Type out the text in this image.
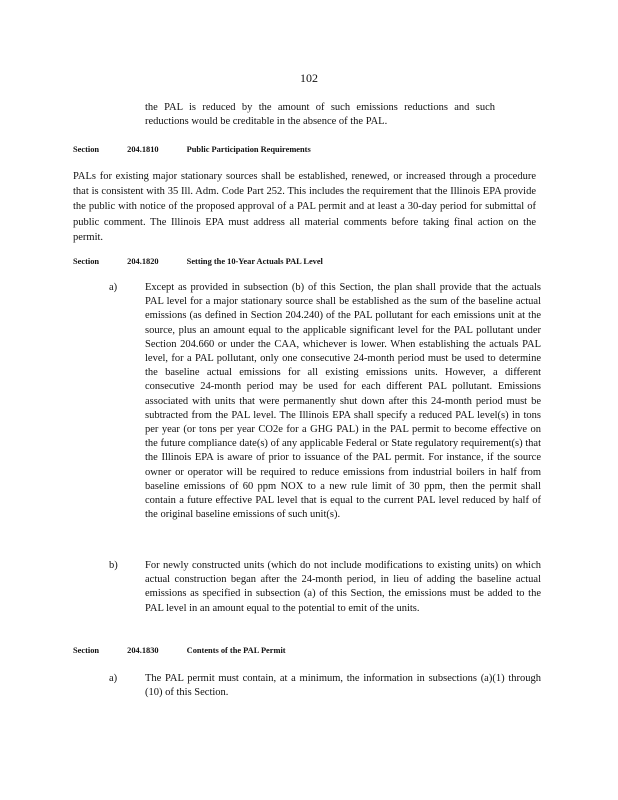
102
the PAL is reduced by the amount of such emissions reductions and such reductions would be creditable in the absence of the PAL.
Section	204.1810	Public Participation Requirements
PALs for existing major stationary sources shall be established, renewed, or increased through a procedure that is consistent with 35 Ill. Adm. Code Part 252. This includes the requirement that the Illinois EPA provide the public with notice of the proposed approval of a PAL permit and at least a 30-day period for submittal of public comment. The Illinois EPA must address all material comments before taking final action on the permit.
Section	204.1820	Setting the 10-Year Actuals PAL Level
a)	Except as provided in subsection (b) of this Section, the plan shall provide that the actuals PAL level for a major stationary source shall be established as the sum of the baseline actual emissions (as defined in Section 204.240) of the PAL pollutant for each emissions unit at the source, plus an amount equal to the applicable significant level for the PAL pollutant under Section 204.660 or under the CAA, whichever is lower. When establishing the actuals PAL level, for a PAL pollutant, only one consecutive 24-month period must be used to determine the baseline actual emissions for all existing emissions units. However, a different consecutive 24-month period may be used for each different PAL pollutant. Emissions associated with units that were permanently shut down after this 24-month period must be subtracted from the PAL level. The Illinois EPA shall specify a reduced PAL level(s) in tons per year (or tons per year CO2e for a GHG PAL) in the PAL permit to become effective on the future compliance date(s) of any applicable Federal or State regulatory requirement(s) that the Illinois EPA is aware of prior to issuance of the PAL permit. For instance, if the source owner or operator will be required to reduce emissions from industrial boilers in half from baseline emissions of 60 ppm NOX to a new rule limit of 30 ppm, then the permit shall contain a future effective PAL level that is equal to the current PAL level reduced by half of the original baseline emissions of such unit(s).
b)	For newly constructed units (which do not include modifications to existing units) on which actual construction began after the 24-month period, in lieu of adding the baseline actual emissions as specified in subsection (a) of this Section, the emissions must be added to the PAL level in an amount equal to the potential to emit of the units.
Section	204.1830	Contents of the PAL Permit
a)	The PAL permit must contain, at a minimum, the information in subsections (a)(1) through (10) of this Section.
